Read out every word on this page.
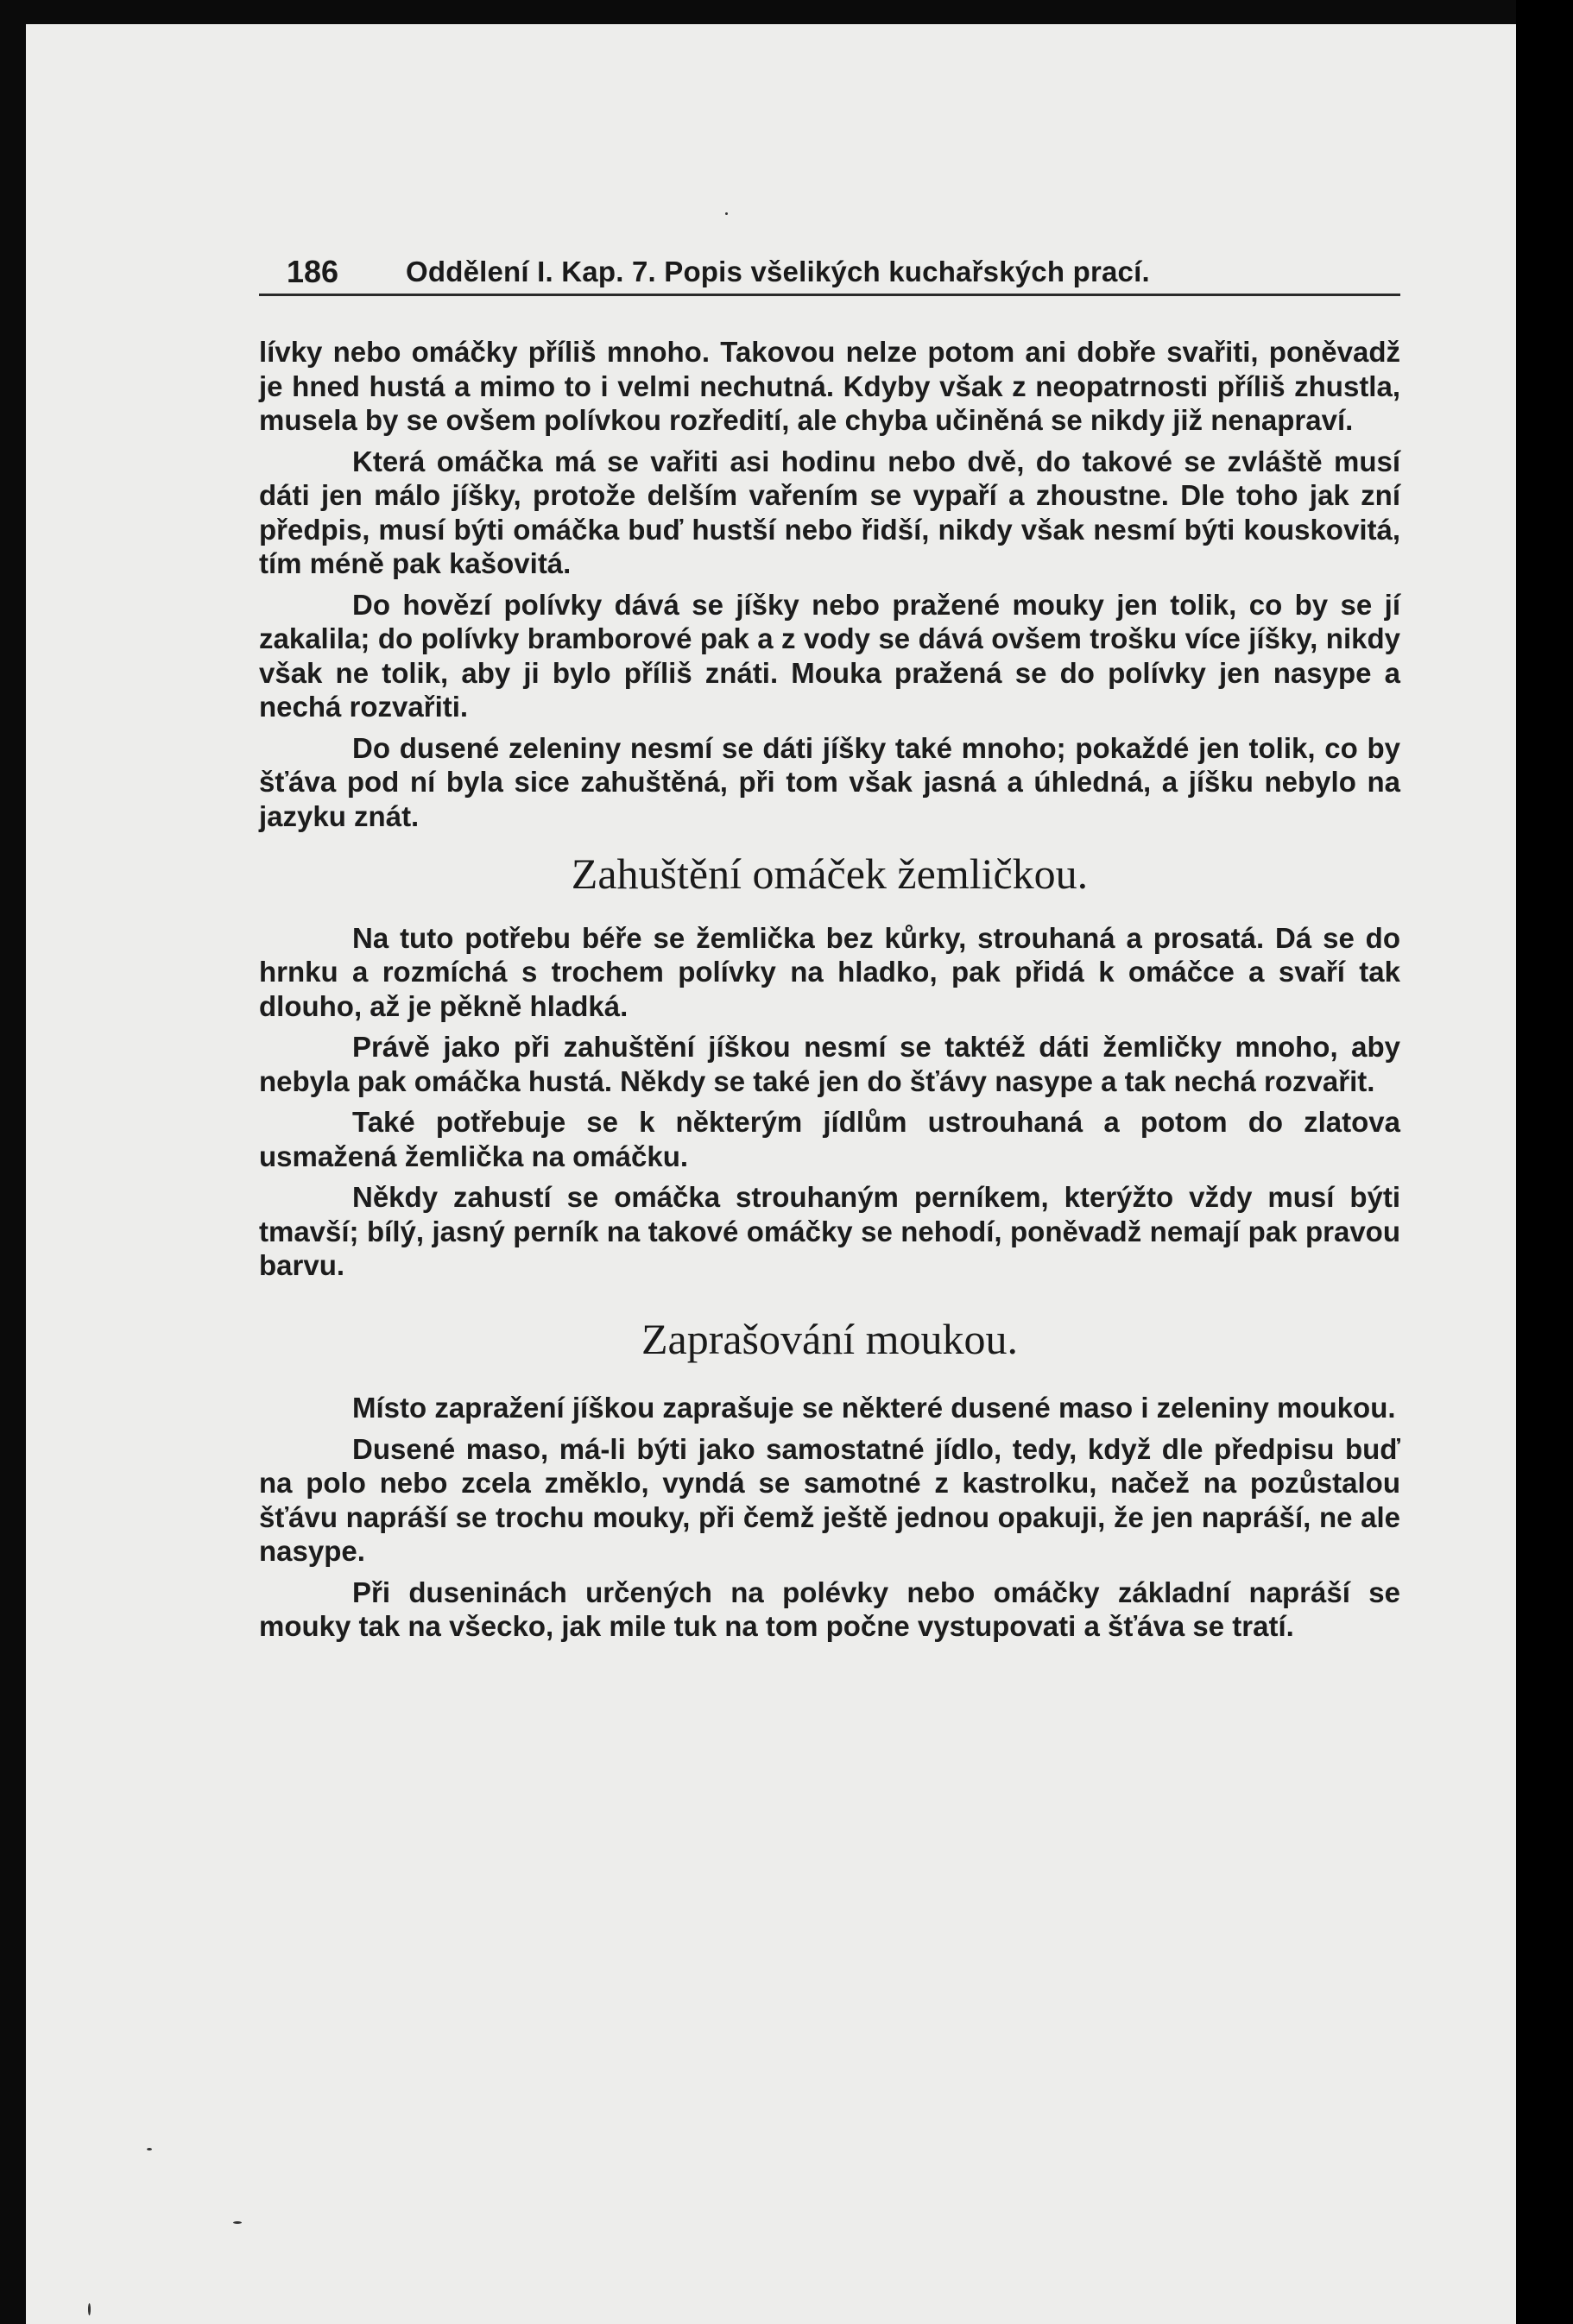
186 Oddělení I. Kap. 7. Popis všelikých kuchařských prací.

lívky nebo omáčky příliš mnoho. Takovou nelze potom ani dobře svařiti, poněvadž je hned hustá a mimo to i velmi nechutná. Kdyby však z neopatrnosti příliš zhustla, musela by se ovšem polívkou rozředití, ale chyba učiněná se nikdy již nenapraví.

Která omáčka má se vařiti asi hodinu nebo dvě, do takové se zvláště musí dáti jen málo jíšky, protože delším vařením se vypaří a zhoustne. Dle toho jak zní předpis, musí býti omáčka buď hustší nebo řidší, nikdy však nesmí býti kouskovitá, tím méně pak kašovitá.

Do hovězí polívky dává se jíšky nebo pražené mouky jen tolik, co by se jí zakalila; do polívky bramborové pak a z vody se dává ovšem trošku více jíšky, nikdy však ne tolik, aby ji bylo příliš znáti. Mouka pražená se do polívky jen nasype a nechá rozvařiti.

Do dusené zeleniny nesmí se dáti jíšky také mnoho; pokaždé jen tolik, co by šťáva pod ní byla sice zahuštěná, při tom však jasná a úhledná, a jíšku nebylo na jazyku znát.

Zahuštění omáček žemličkou.

Na tuto potřebu béře se žemlička bez kůrky, strouhaná a prosatá. Dá se do hrnku a rozmíchá s trochem polívky na hladko, pak přidá k omáčce a svaří tak dlouho, až je pěkně hladká.

Právě jako při zahuštění jíškou nesmí se taktéž dáti žemličky mnoho, aby nebyla pak omáčka hustá. Někdy se také jen do šťávy nasype a tak nechá rozvařit.

Také potřebuje se k některým jídlům ustrouhaná a potom do zlatova usmažená žemlička na omáčku.

Někdy zahustí se omáčka strouhaným perníkem, kterýžto vždy musí býti tmavší; bílý, jasný perník na takové omáčky se nehodí, poněvadž nemají pak pravou barvu.

Zaprašování moukou.

Místo zapražení jíškou zaprašuje se některé dusené maso i zeleniny moukou.

Dusené maso, má-li býti jako samostatné jídlo, tedy, když dle předpisu buď na polo nebo zcela změklo, vyndá se samotné z kastrolku, načež na pozůstalou šťávu napráší se trochu mouky, při čemž ještě jednou opakuji, že jen napráší, ne ale nasype.

Při duseninách určených na polévky nebo omáčky základní napráší se mouky tak na všecko, jak mile tuk na tom počne vystupovati a šťáva se tratí.
